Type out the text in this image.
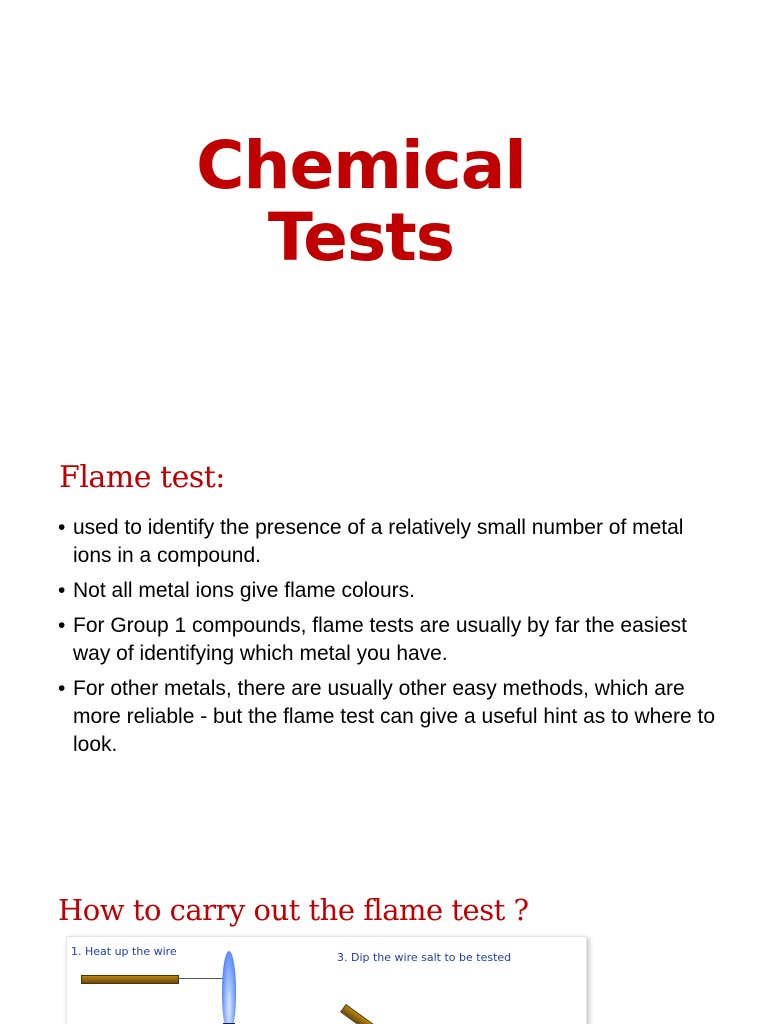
Chemical
Tests
Flame test:
• used to identify the presence of a relatively small number of metal ions in a compound.
• Not all metal ions give flame colours.
• For Group 1 compounds, flame tests are usually by far the easiest way of identifying which metal you have.
• For other metals, there are usually other easy methods, which are more reliable - but the flame test can give a useful hint as to where to look.
How to carry out the flame test ?
1. Heat up the wire	3. Dip the wire salt to be tested
